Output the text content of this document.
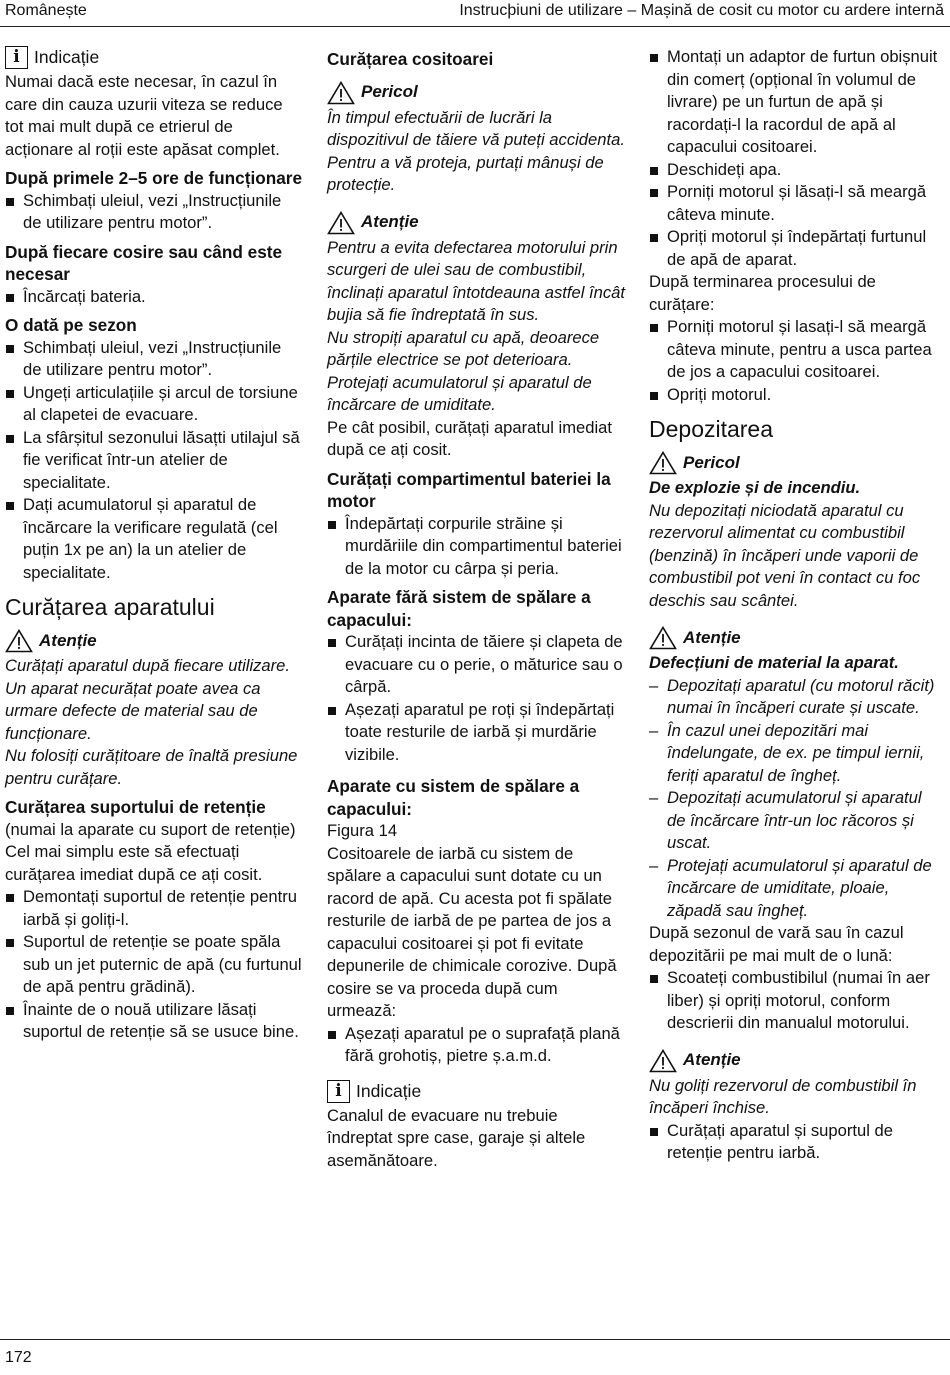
Românește	Instrucþiuni de utilizare – Mașină de cosit cu motor cu ardere internă
i Indicație

Numai dacă este necesar, în cazul în care din cauza uzurii viteza se reduce tot mai mult după ce etrierul de acționare al roții este apăsat complet.

După primele 2–5 ore de funcționare

Schimbați uleiul, vezi „Instrucțiunile de utilizare pentru motor”.

După fiecare cosire sau când este necesar

Încărcați bateria.

O dată pe sezon

Schimbați uleiul, vezi „Instrucțiunile de utilizare pentru motor”.
Ungeți articulațiile și arcul de torsiune al clapetei de evacuare.
La sfârșitul sezonului lăsațti utilajul să fie verificat într-un atelier de specialitate.
Dați acumulatorul și aparatul de încărcare la verificare regulată (cel puțin 1x pe an) la un atelier de specialitate.

Curățarea aparatului

Atenție

Curățați aparatul după fiecare utilizare. Un aparat necurățat poate avea ca urmare defecte de material sau de funcționare.

Nu folosiți curățitoare de înaltă presiune pentru curățare.

Curățarea suportului de retenție

(numai la aparate cu suport de retenție)

Cel mai simplu este să efectuați curățarea imediat după ce ați cosit.

Demontați suportul de retenție pentru iarbă și goliți-l.
Suportul de retenție se poate spăla sub un jet puternic de apă (cu furtunul de apă pentru grădină).
Înainte de o nouă utilizare lăsați suportul de retenție să se usuce bine.

Curățarea cositoarei

Pericol

În timpul efectuării de lucrări la dispozitivul de tăiere vă puteți accidenta. Pentru a vă proteja, purtați mânuși de protecție.

Atenție

Pentru a evita defectarea motorului prin scurgeri de ulei sau de combustibil, înclinați aparatul întotdeauna astfel încât bujia să fie îndreptată în sus.

Nu stropiți aparatul cu apă, deoarece părțile electrice se pot deterioara.

Protejați acumulatorul și aparatul de încărcare de umiditate.

Pe cât posibil, curățați aparatul imediat după ce ați cosit.

Curățați compartimentul bateriei la motor

Îndepărtați corpurile străine și murdăriile din compartimentul bateriei de la motor cu cârpa și peria.

Aparate fără sistem de spălare a capacului:

Curățați incinta de tăiere și clapeta de evacuare cu o perie, o măturice sau o cârpă.
Așezați aparatul pe roți și îndepărtați toate resturile de iarbă și murdărie vizibile.

Aparate cu sistem de spălare a capacului:

Figura 14

Cositoarele de iarbă cu sistem de spălare a capacului sunt dotate cu un racord de apă. Cu acesta pot fi spălate resturile de iarbă de pe partea de jos a capacului cositoarei și pot fi evitate depunerile de chimicale corozive. După cosire se va proceda după cum urmează:

Așezați aparatul pe o suprafață plană fără grohotiș, pietre ș.a.m.d.
i Indicație

Canalul de evacuare nu trebuie îndreptat spre case, garaje și altele asemănătoare.

Montați un adaptor de furtun obișnuit din comerț (opțional în volumul de livrare) pe un furtun de apă și racordați-l la racordul de apă al capacului cositoarei.
Deschideți apa.
Porniți motorul și lăsați-l să meargă câteva minute.
Opriți motorul și îndepărtați furtunul de apă de aparat.

După terminarea procesului de curățare:

Porniți motorul și lasați-l să meargă câteva minute, pentru a usca partea de jos a capacului cositoarei.
Opriți motorul.

Depozitarea

Pericol

De explozie și de incendiu.

Nu depozitați niciodată aparatul cu rezervorul alimentat cu combustibil (benzină) în încăperi unde vaporii de combustibil pot veni în contact cu foc deschis sau scântei.

Atenție

Defecțiuni de material la aparat.

– Depozitați aparatul (cu motorul răcit) numai în încăperi curate și uscate.
– În cazul unei depozitări mai îndelungate, de ex. pe timpul iernii, feriți aparatul de îngheț.
– Depozitați acumulatorul și aparatul de încărcare într-un loc răcoros și uscat.
– Protejați acumulatorul și aparatul de încărcare de umiditate, ploaie, zăpadă sau îngheț.

După sezonul de vară sau în cazul depozitării pe mai mult de o lună:

Scoateți combustibilul (numai în aer liber) și opriți motorul, conform descrierii din manualul motorului.
Atenție

Nu goliți rezervorul de combustibil în încăperi închise.

Curățați aparatul și suportul de retenție pentru iarbă.
172
